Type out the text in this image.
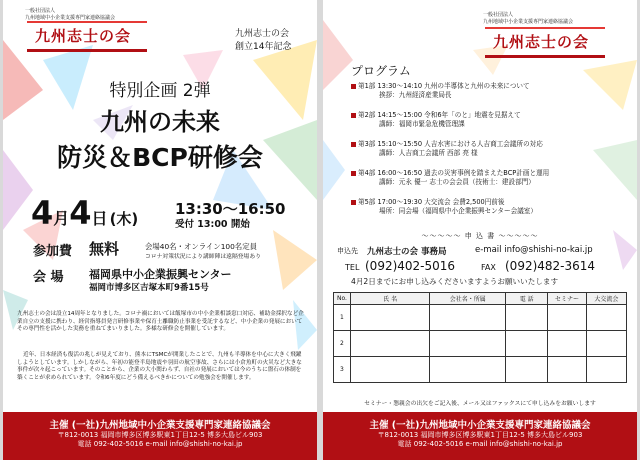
一般社団法人
九州地域中小企業支援専門家連絡協議会
九州志士の会	九州志士の会
創立14年記念
特別企画 2弾
九州の未来
防災＆BCP研修会
4月4日 (木)
13:30～16:50
受付 13:00 開始
参加費 無料	会場40名・オンライン100名定員
コロナ対策状況により講師陣は遠隔登場あり
会 場 福岡県中小企業振興センター
福岡市博多区吉塚本町9番15号
九州志士の会は設立14周年となりました。コロナ禍においては飯塚市の中小企業相談窓口対応、補助金採択など企業自立の支援に携わり、経営指導員発言研修事業や保育士離職防止事業を受託するなど、中小企業の発展においてその専門性を活かした実務を重ねてまいりました。多様な研修会を開催しています。
近年、日本経済も復活の兆しが見えており、熊本にTSMCが開業したことで、九州も半導体を中心に大きく飛躍しようとしています。しかしながら、年初の能登半島地震や羽田の航空事故、さらには小倉魚町の火災など大きな事件が次々起こっています。そのことから、企業の大小関わらず、自社の発展においては今のうちに盤石の体制を築くことが求められています。令和6年度にどう備えるべきかについての勉強会を開催します。
主催 (一社)九州地域中小企業支援専門家連絡協議会
〒812-0013 福岡市博多区博多駅東1丁目12-5 博多大島ビル903
電話 092-402-5016 e-mail info@shishi-no-kai.jp
一般社団法人
九州地域中小企業支援専門家連絡協議会
九州志士の会
プログラム
第1部 13:30～14:10 九州の半導体と九州の未来について
挨拶：九州経済産業局長
第2部 14:15～15:00 令和6年「のと」地震を見据えて
講師：福岡市緊急危機管理課
第3部 15:10～15:50 人吉水害における人吉商工会議所の対応
講師：人吉商工会議所 西部 亮 様
第4部 16:00～16:50 過去の災害事例を踏まえたBCP計画と運用
講師：元永 優一 志士の会会員（技術士：建設部門）
第5部 17:00～19:30 大交流会 会費2,500円前後
場所：同会場（福岡県中小企業振興センター会議室）
～～～～～ 申 込 書 ～～～～～
申込先 九州志士の会 事務局	e-mail info@shishi-no-kai.jp
TEL (092)402-5016	FAX (092)482-3614
4月2日までにお申し込みくださいますようお願いいたします
No.	氏 名	会社名・所属	電 話	セミナー	大交流会
1					
2					
3					
セミナー・懇親会の出欠をご記入後、メール又はファックスにて申し込みをお願いします
主催 (一社)九州地域中小企業支援専門家連絡協議会
〒812-0013 福岡市博多区博多駅東1丁目12-5 博多大島ビル903
電話 092-402-5016 e-mail info@shishi-no-kai.jp
